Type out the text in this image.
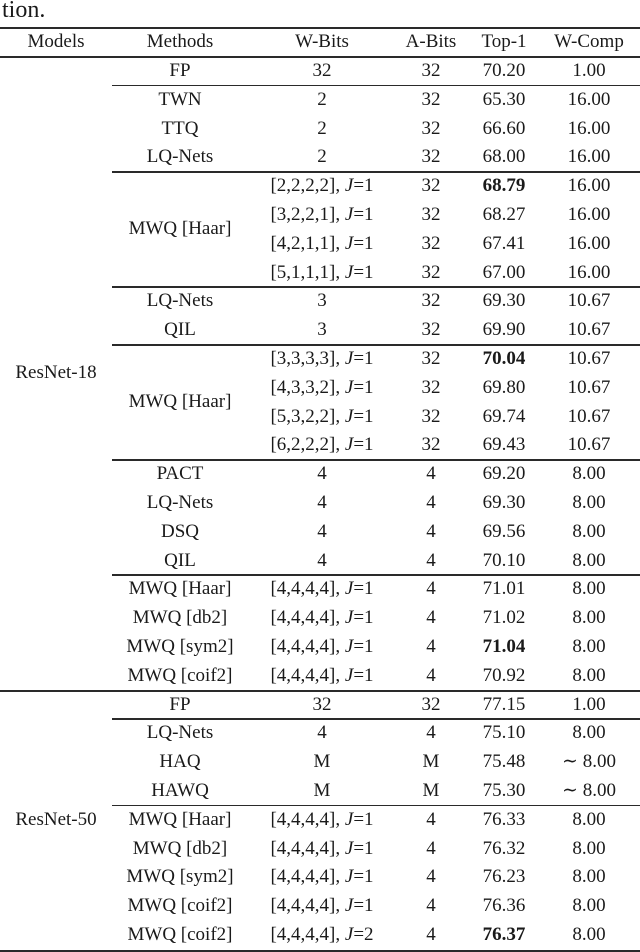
tion.
Models	Methods	W-Bits	A-Bits Top-1 W-Comp
FP	32	32 70.20 1.00
TWN	2	32 65.30 16.00
TTQ	2	32 66.60 16.00
LQ-Nets	2	32 68.00 16.00
MWQ [Haar]
[2,2,2,2], J=1	32 68.79 16.00
[3,2,2,1], J=1	32 68.27 16.00
[4,2,1,1], J=1	32 67.41 16.00
[5,1,1,1], J=1	32 67.00 16.00
LQ-Nets	3	32 69.30 10.67
QIL	3	32 69.90 10.67
MWQ [Haar]
[3,3,3,3], J=1	32 70.04 10.67
[4,3,3,2], J=1	32 69.80 10.67
[5,3,2,2], J=1	32 69.74 10.67
[6,2,2,2], J=1	32 69.43 10.67
PACT	4	4 69.20 8.00
LQ-Nets	4	4 69.30 8.00
DSQ	4	4 69.56 8.00
QIL	4	4 70.10 8.00
MWQ [Haar] [4,4,4,4], J=1	4 71.01 8.00
MWQ [db2] [4,4,4,4], J=1	4 71.02 8.00
MWQ [sym2] [4,4,4,4], J=1	4 71.04 8.00
MWQ [coif2] [4,4,4,4], J=1	4 70.92 8.00
ResNet-18
FP	32	32 77.15 1.00
LQ-Nets	4	4 75.10 8.00
HAQ	M	M 75.48 ∼ 8.00
HAWQ	M	M 75.30 ∼ 8.00
MWQ [Haar] [4,4,4,4], J=1	4 76.33 8.00
MWQ [db2] [4,4,4,4], J=1	4 76.32 8.00
MWQ [sym2] [4,4,4,4], J=1	4 76.23 8.00
MWQ [coif2] [4,4,4,4], J=1	4 76.36 8.00
MWQ [coif2] [4,4,4,4], J=2	4 76.37 8.00
ResNet-50
